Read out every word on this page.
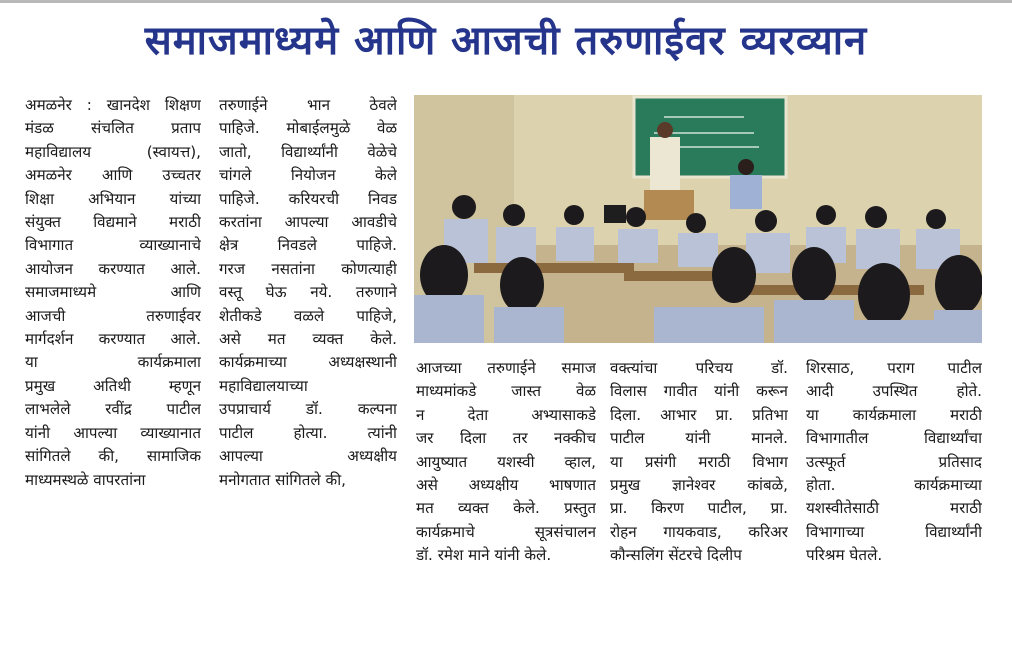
समाजमाध्यमे आणि आजची तरुणाईवर व्यरव्यान
अमळनेर : खानदेश शिक्षण
मंडळ संचलित प्रताप
महाविद्यालय (स्वायत्त),
अमळनेर आणि उच्चतर
शिक्षा अभियान यांच्या
संयुक्त विद्यमाने मराठी
विभागात व्याख्यानाचे
आयोजन करण्यात आले.
समाजमाध्यमे आणि
आजची तरुणाईवर
मार्गदर्शन करण्यात आले.
या कार्यक्रमाला
प्रमुख अतिथी म्हणून
लाभलेले रवींद्र पाटील
यांनी आपल्या व्याख्यानात
सांगितले की, सामाजिक
माध्यमस्थळे वापरतांना
तरुणाईने भान ठेवले
पाहिजे. मोबाईलमुळे वेळ
जातो, विद्यार्थ्यांनी वेळेचे
चांगले नियोजन केले
पाहिजे. करियरची निवड
करतांना आपल्या आवडीचे
क्षेत्र निवडले पाहिजे.
गरज नसतांना कोणत्याही
वस्तू घेऊ नये. तरुणाने
शेतीकडे वळले पाहिजे,
असे मत व्यक्त केले.
कार्यक्रमाच्या अध्यक्षस्थानी
महाविद्यालयाच्या
उपप्राचार्य डॉ. कल्पना
पाटील होत्या. त्यांनी
आपल्या अध्यक्षीय
मनोगतात सांगितले की,
आजच्या तरुणाईने समाज
माध्यमांकडे जास्त वेळ
न देता अभ्यासाकडे
जर दिला तर नक्कीच
आयुष्यात यशस्वी व्हाल,
असे अध्यक्षीय भाषणात
मत व्यक्त केले. प्रस्तुत
कार्यक्रमाचे सूत्रसंचालन
डॉ. रमेश माने यांनी केले.
वक्त्यांचा परिचय डॉ.
विलास गावीत यांनी करून
दिला. आभार प्रा. प्रतिभा
पाटील यांनी मानले.
या प्रसंगी मराठी विभाग
प्रमुख ज्ञानेश्वर कांबळे,
प्रा. किरण पाटील, प्रा.
रोहन गायकवाड, करिअर
कौन्सलिंग सेंटरचे दिलीप
शिरसाठ, पराग पाटील
आदी उपस्थित होते.
या कार्यक्रमाला मराठी
विभागातील विद्यार्थ्यांचा
उत्स्फूर्त प्रतिसाद
होता. कार्यक्रमाच्या
यशस्वीतेसाठी मराठी
विभागाच्या विद्यार्थ्यांनी
परिश्रम घेतले.
